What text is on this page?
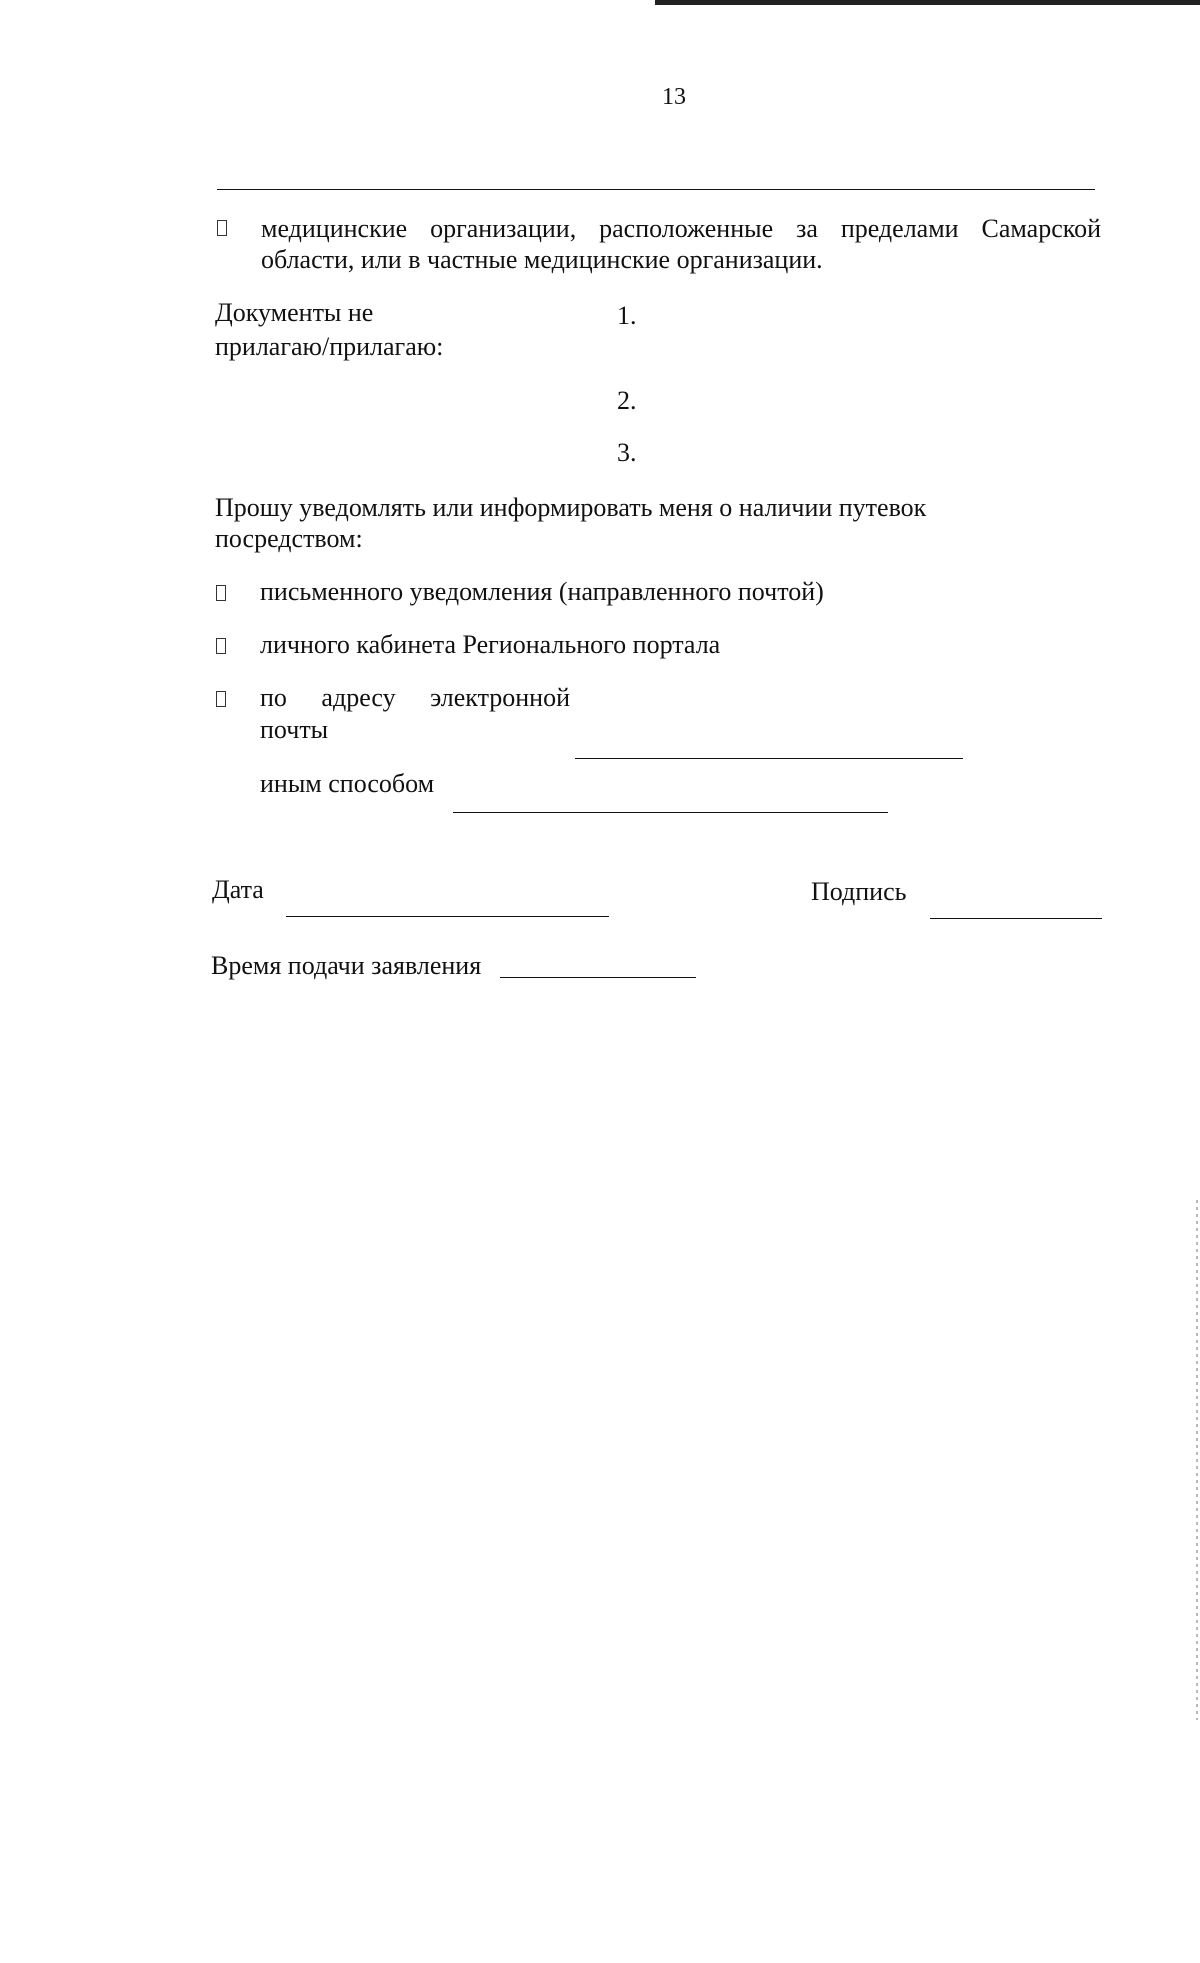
13
медицинские организации, расположенные за пределами Самарской
области, или в частные медицинские организации.
Документы не
прилагаю/прилагаю:
1.
2.
3.
Прошу уведомлять или информировать меня о наличии путевок
посредством:
письменного уведомления (направленного почтой)
личного кабинета Регионального портала
по адресу электронной
почты
иным способом
Дата	Подпись
Время подачи заявления
